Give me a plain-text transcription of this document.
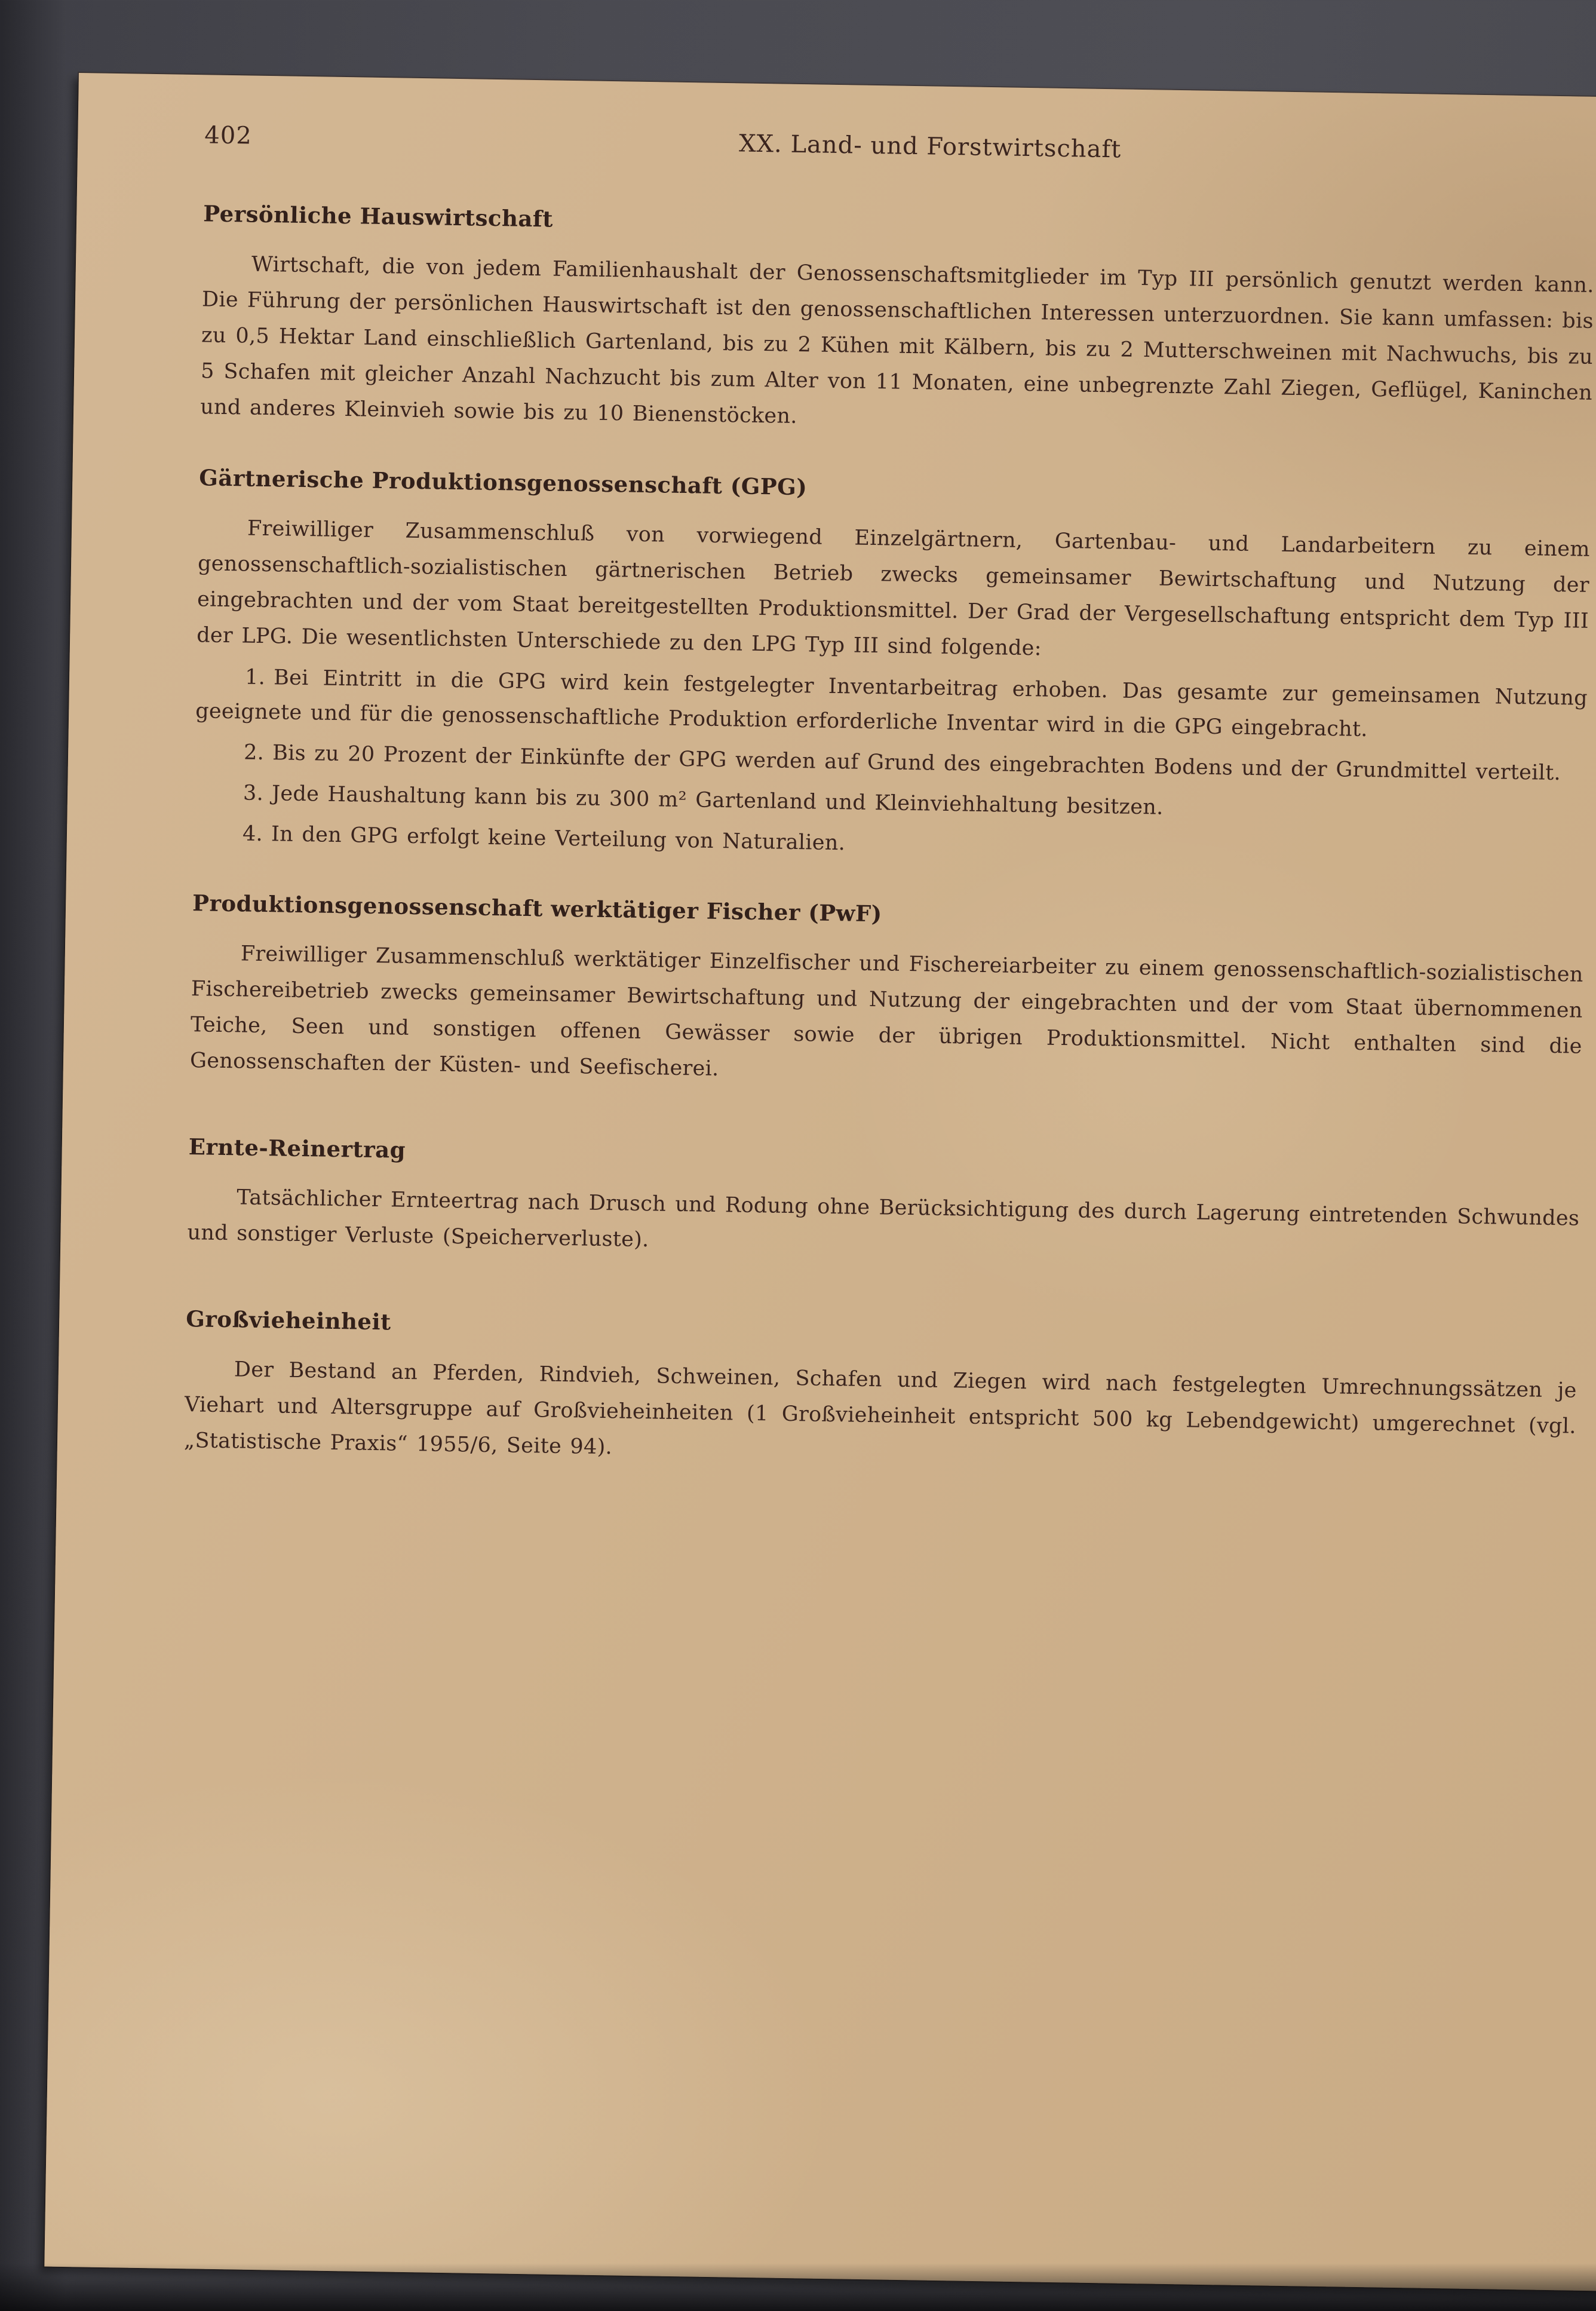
402	XX. Land- und Forstwirtschaft
Persönliche Hauswirtschaft

Wirtschaft, die von jedem Familienhaushalt der Genossenschaftsmitglieder im Typ III persönlich genutzt werden kann. Die Führung der persönlichen Hauswirtschaft ist den genossenschaftlichen Interessen unterzuordnen. Sie kann umfassen: bis zu 0,5 Hektar Land einschließlich Gartenland, bis zu 2 Kühen mit Kälbern, bis zu 2 Mutterschweinen mit Nachwuchs, bis zu 5 Schafen mit gleicher Anzahl Nachzucht bis zum Alter von 11 Monaten, eine unbegrenzte Zahl Ziegen, Geflügel, Kaninchen und anderes Kleinvieh sowie bis zu 10 Bienenstöcken.

Gärtnerische Produktionsgenossenschaft (GPG)

Freiwilliger Zusammenschluß von vorwiegend Einzelgärtnern, Gartenbau- und Landarbeitern zu einem genossenschaftlich-sozialistischen gärtnerischen Betrieb zwecks gemeinsamer Bewirtschaftung und Nutzung der eingebrachten und der vom Staat bereitgestellten Produktionsmittel. Der Grad der Vergesellschaftung entspricht dem Typ III der LPG. Die wesentlichsten Unterschiede zu den LPG Typ III sind folgende:

1. Bei Eintritt in die GPG wird kein festgelegter Inventarbeitrag erhoben. Das gesamte zur gemeinsamen Nutzung geeignete und für die genossenschaftliche Produktion erforderliche Inventar wird in die GPG eingebracht.

2. Bis zu 20 Prozent der Einkünfte der GPG werden auf Grund des eingebrachten Bodens und der Grundmittel verteilt.

3. Jede Haushaltung kann bis zu 300 m² Gartenland und Kleinviehhaltung besitzen.

4. In den GPG erfolgt keine Verteilung von Naturalien.

Produktionsgenossenschaft werktätiger Fischer (PwF)

Freiwilliger Zusammenschluß werktätiger Einzelfischer und Fischereiarbeiter zu einem genossenschaftlich-sozialistischen Fischereibetrieb zwecks gemeinsamer Bewirtschaftung und Nutzung der eingebrachten und der vom Staat übernommenen Teiche, Seen und sonstigen offenen Gewässer sowie der übrigen Produktionsmittel. Nicht enthalten sind die Genossenschaften der Küsten- und Seefischerei.

Ernte-Reinertrag

Tatsächlicher Ernteertrag nach Drusch und Rodung ohne Berücksichtigung des durch Lagerung eintretenden Schwundes und sonstiger Verluste (Speicherverluste).

Großvieheinheit

Der Bestand an Pferden, Rindvieh, Schweinen, Schafen und Ziegen wird nach festgelegten Umrechnungssätzen je Viehart und Altersgruppe auf Großvieheinheiten (1 Großvieheinheit entspricht 500 kg Lebendgewicht) umgerechnet (vgl. „Statistische Praxis“ 1955/6, Seite 94).
